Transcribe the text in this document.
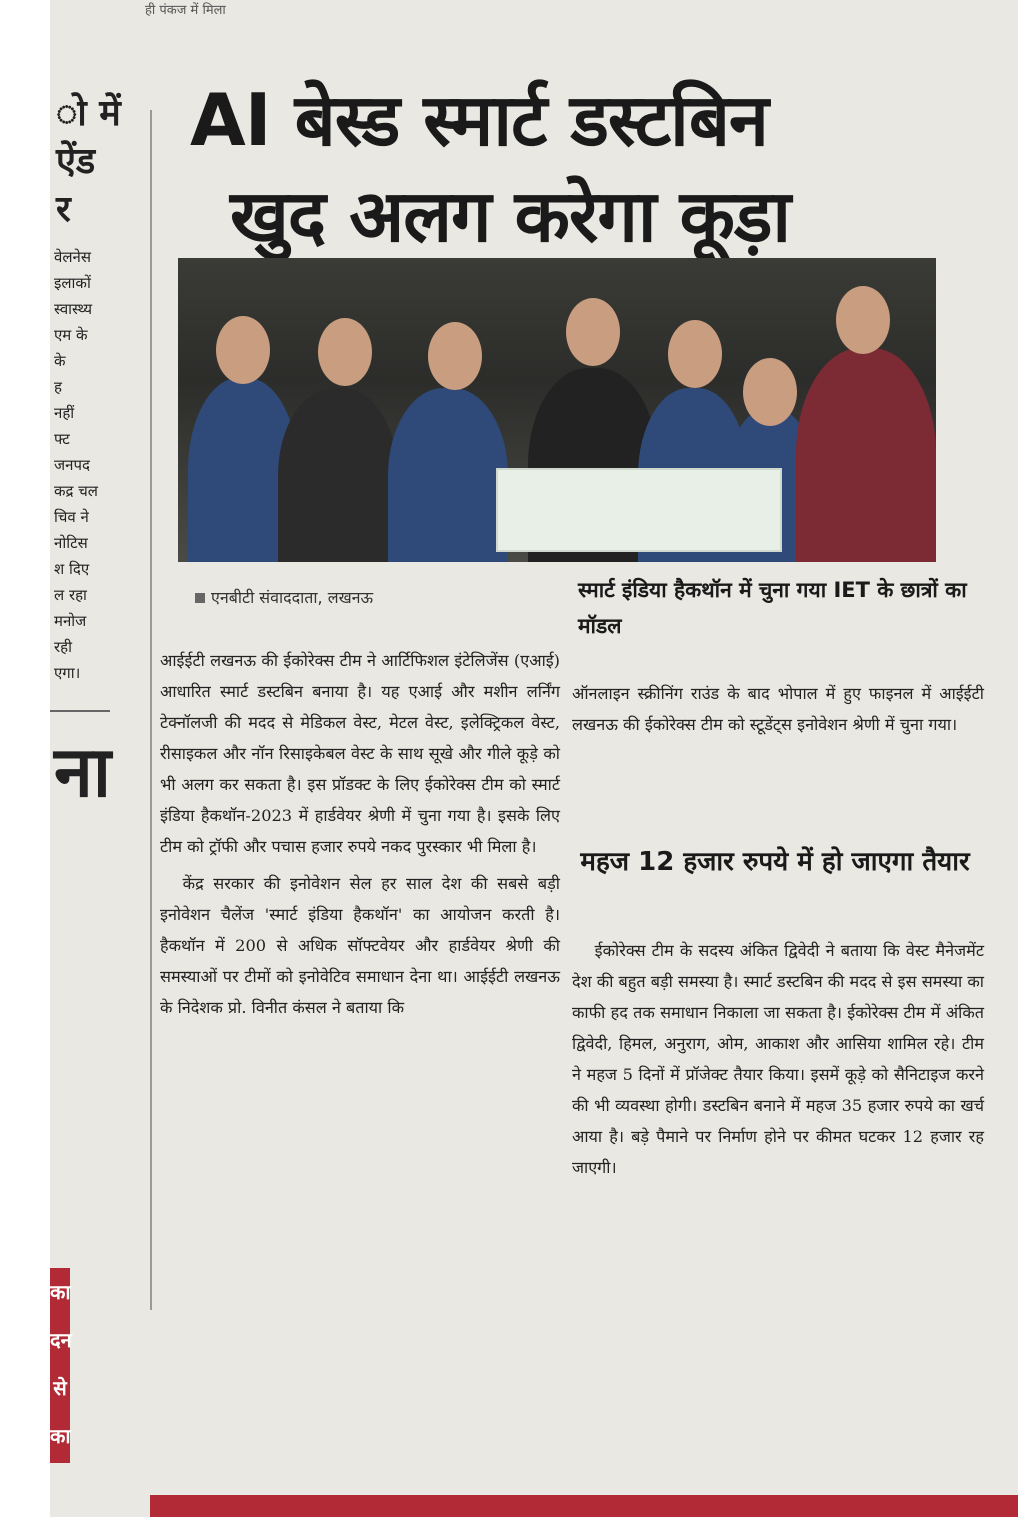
ही पंकज में मिला
ो में
ऐंड
र
वेलनेस
इलाकों
स्वास्थ्य
एम के
के
ह
नहीं
फ्ट
जनपद
कद्र चल
चिव ने
नोटिस
श दिए
ल रहा
मनोज
रही
एगा।
ना
का
दन
से
का
AI बेस्ड स्मार्ट डस्टबिन
खुद अलग करेगा कूड़ा
एनबीटी संवाददाता, लखनऊ	स्मार्ट इंडिया हैकथॉन में चुना गया IET के छात्रों का मॉडल

आईईटी लखनऊ की ईकोरेक्स टीम ने आर्टिफिशल इंटेलिजेंस (एआई) आधारित स्मार्ट डस्टबिन बनाया है। यह एआई और मशीन लर्निंग टेक्नॉलजी की मदद से मेडिकल वेस्ट, मेटल वेस्ट, इलेक्ट्रिकल वेस्ट, रीसाइकल और नॉन रिसाइकेबल वेस्ट के साथ सूखे और गीले कूड़े को भी अलग कर सकता है। इस प्रॉडक्ट के लिए ईकोरेक्स टीम को स्मार्ट इंडिया हैकथॉन-2023 में हार्डवेयर श्रेणी में चुना गया है। इसके लिए टीम को ट्रॉफी और पचास हजार रुपये नकद पुरस्कार भी मिला है।

केंद्र सरकार की इनोवेशन सेल हर साल देश की सबसे बड़ी इनोवेशन चैलेंज 'स्मार्ट इंडिया हैकथॉन' का आयोजन करती है। हैकथॉन में 200 से अधिक सॉफ्टवेयर और हार्डवेयर श्रेणी की समस्याओं पर टीमों को इनोवेटिव समाधान देना था। आईईटी लखनऊ के निदेशक प्रो. विनीत कंसल ने बताया कि

ऑनलाइन स्क्रीनिंग राउंड के बाद भोपाल में हुए फाइनल में आईईटी लखनऊ की ईकोरेक्स टीम को स्टूडेंट्स इनोवेशन श्रेणी में चुना गया।

महज 12 हजार रुपये में हो जाएगा तैयार

ईकोरेक्स टीम के सदस्य अंकित द्विवेदी ने बताया कि वेस्ट मैनेजमेंट देश की बहुत बड़ी समस्या है। स्मार्ट डस्टबिन की मदद से इस समस्या का काफी हद तक समाधान निकाला जा सकता है। ईकोरेक्स टीम में अंकित द्विवेदी, हिमल, अनुराग, ओम, आकाश और आसिया शामिल रहे। टीम ने महज 5 दिनों में प्रॉजेक्ट तैयार किया। इसमें कूड़े को सैनिटाइज करने की भी व्यवस्था होगी। डस्टबिन बनाने में महज 35 हजार रुपये का खर्च आया है। बड़े पैमाने पर निर्माण होने पर कीमत घटकर 12 हजार रह जाएगी।
